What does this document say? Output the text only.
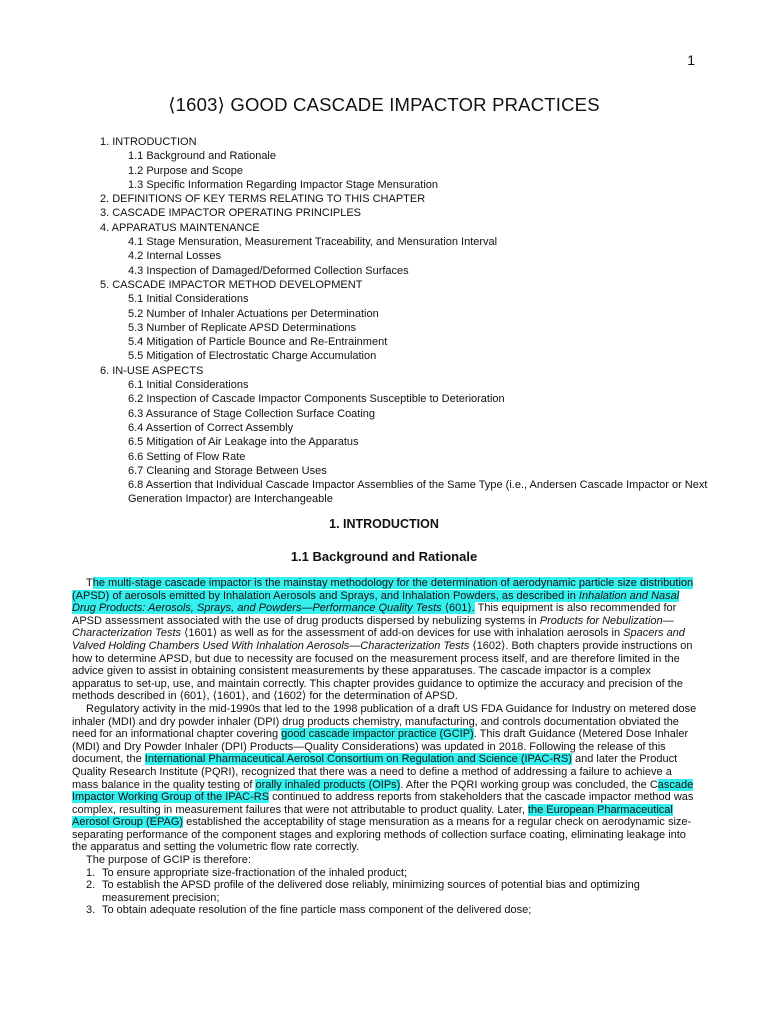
1
⟨1603⟩ GOOD CASCADE IMPACTOR PRACTICES
1. INTRODUCTION
1.1 Background and Rationale
1.2 Purpose and Scope
1.3 Specific Information Regarding Impactor Stage Mensuration
2. DEFINITIONS OF KEY TERMS RELATING TO THIS CHAPTER
3. CASCADE IMPACTOR OPERATING PRINCIPLES
4. APPARATUS MAINTENANCE
4.1 Stage Mensuration, Measurement Traceability, and Mensuration Interval
4.2 Internal Losses
4.3 Inspection of Damaged/Deformed Collection Surfaces
5. CASCADE IMPACTOR METHOD DEVELOPMENT
5.1 Initial Considerations
5.2 Number of Inhaler Actuations per Determination
5.3 Number of Replicate APSD Determinations
5.4 Mitigation of Particle Bounce and Re-Entrainment
5.5 Mitigation of Electrostatic Charge Accumulation
6. IN-USE ASPECTS
6.1 Initial Considerations
6.2 Inspection of Cascade Impactor Components Susceptible to Deterioration
6.3 Assurance of Stage Collection Surface Coating
6.4 Assertion of Correct Assembly
6.5 Mitigation of Air Leakage into the Apparatus
6.6 Setting of Flow Rate
6.7 Cleaning and Storage Between Uses
6.8 Assertion that Individual Cascade Impactor Assemblies of the Same Type (i.e., Andersen Cascade Impactor or Next Generation Impactor) are Interchangeable
1. INTRODUCTION
1.1 Background and Rationale

The multi-stage cascade impactor is the mainstay methodology for the determination of aerodynamic particle size distribution (APSD) of aerosols emitted by Inhalation Aerosols and Sprays, and Inhalation Powders, as described in Inhalation and Nasal Drug Products: Aerosols, Sprays, and Powders—Performance Quality Tests ⟨601⟩. This equipment is also recommended for APSD assessment associated with the use of drug products dispersed by nebulizing systems in Products for Nebulization—Characterization Tests ⟨1601⟩ as well as for the assessment of add-on devices for use with inhalation aerosols in Spacers and Valved Holding Chambers Used With Inhalation Aerosols—Characterization Tests ⟨1602⟩. Both chapters provide instructions on how to determine APSD, but due to necessity are focused on the measurement process itself, and are therefore limited in the advice given to assist in obtaining consistent measurements by these apparatuses. The cascade impactor is a complex apparatus to set-up, use, and maintain correctly. This chapter provides guidance to optimize the accuracy and precision of the methods described in ⟨601⟩, ⟨1601⟩, and ⟨1602⟩ for the determination of APSD.

Regulatory activity in the mid-1990s that led to the 1998 publication of a draft US FDA Guidance for Industry on metered dose inhaler (MDI) and dry powder inhaler (DPI) drug products chemistry, manufacturing, and controls documentation obviated the need for an informational chapter covering good cascade impactor practice (GCIP). This draft Guidance (Metered Dose Inhaler (MDI) and Dry Powder Inhaler (DPI) Products—Quality Considerations) was updated in 2018. Following the release of this document, the International Pharmaceutical Aerosol Consortium on Regulation and Science (IPAC-RS) and later the Product Quality Research Institute (PQRI), recognized that there was a need to define a method of addressing a failure to achieve a mass balance in the quality testing of orally inhaled products (OIPs). After the PQRI working group was concluded, the Cascade Impactor Working Group of the IPAC-RS continued to address reports from stakeholders that the cascade impactor method was complex, resulting in measurement failures that were not attributable to product quality. Later, the European Pharmaceutical Aerosol Group (EPAG) established the acceptability of stage mensuration as a means for a regular check on aerodynamic size-separating performance of the component stages and exploring methods of collection surface coating, eliminating leakage into the apparatus and setting the volumetric flow rate correctly.

The purpose of GCIP is therefore:

1. To ensure appropriate size-fractionation of the inhaled product;
2. To establish the APSD profile of the delivered dose reliably, minimizing sources of potential bias and optimizing measurement precision;
3. To obtain adequate resolution of the fine particle mass component of the delivered dose;
